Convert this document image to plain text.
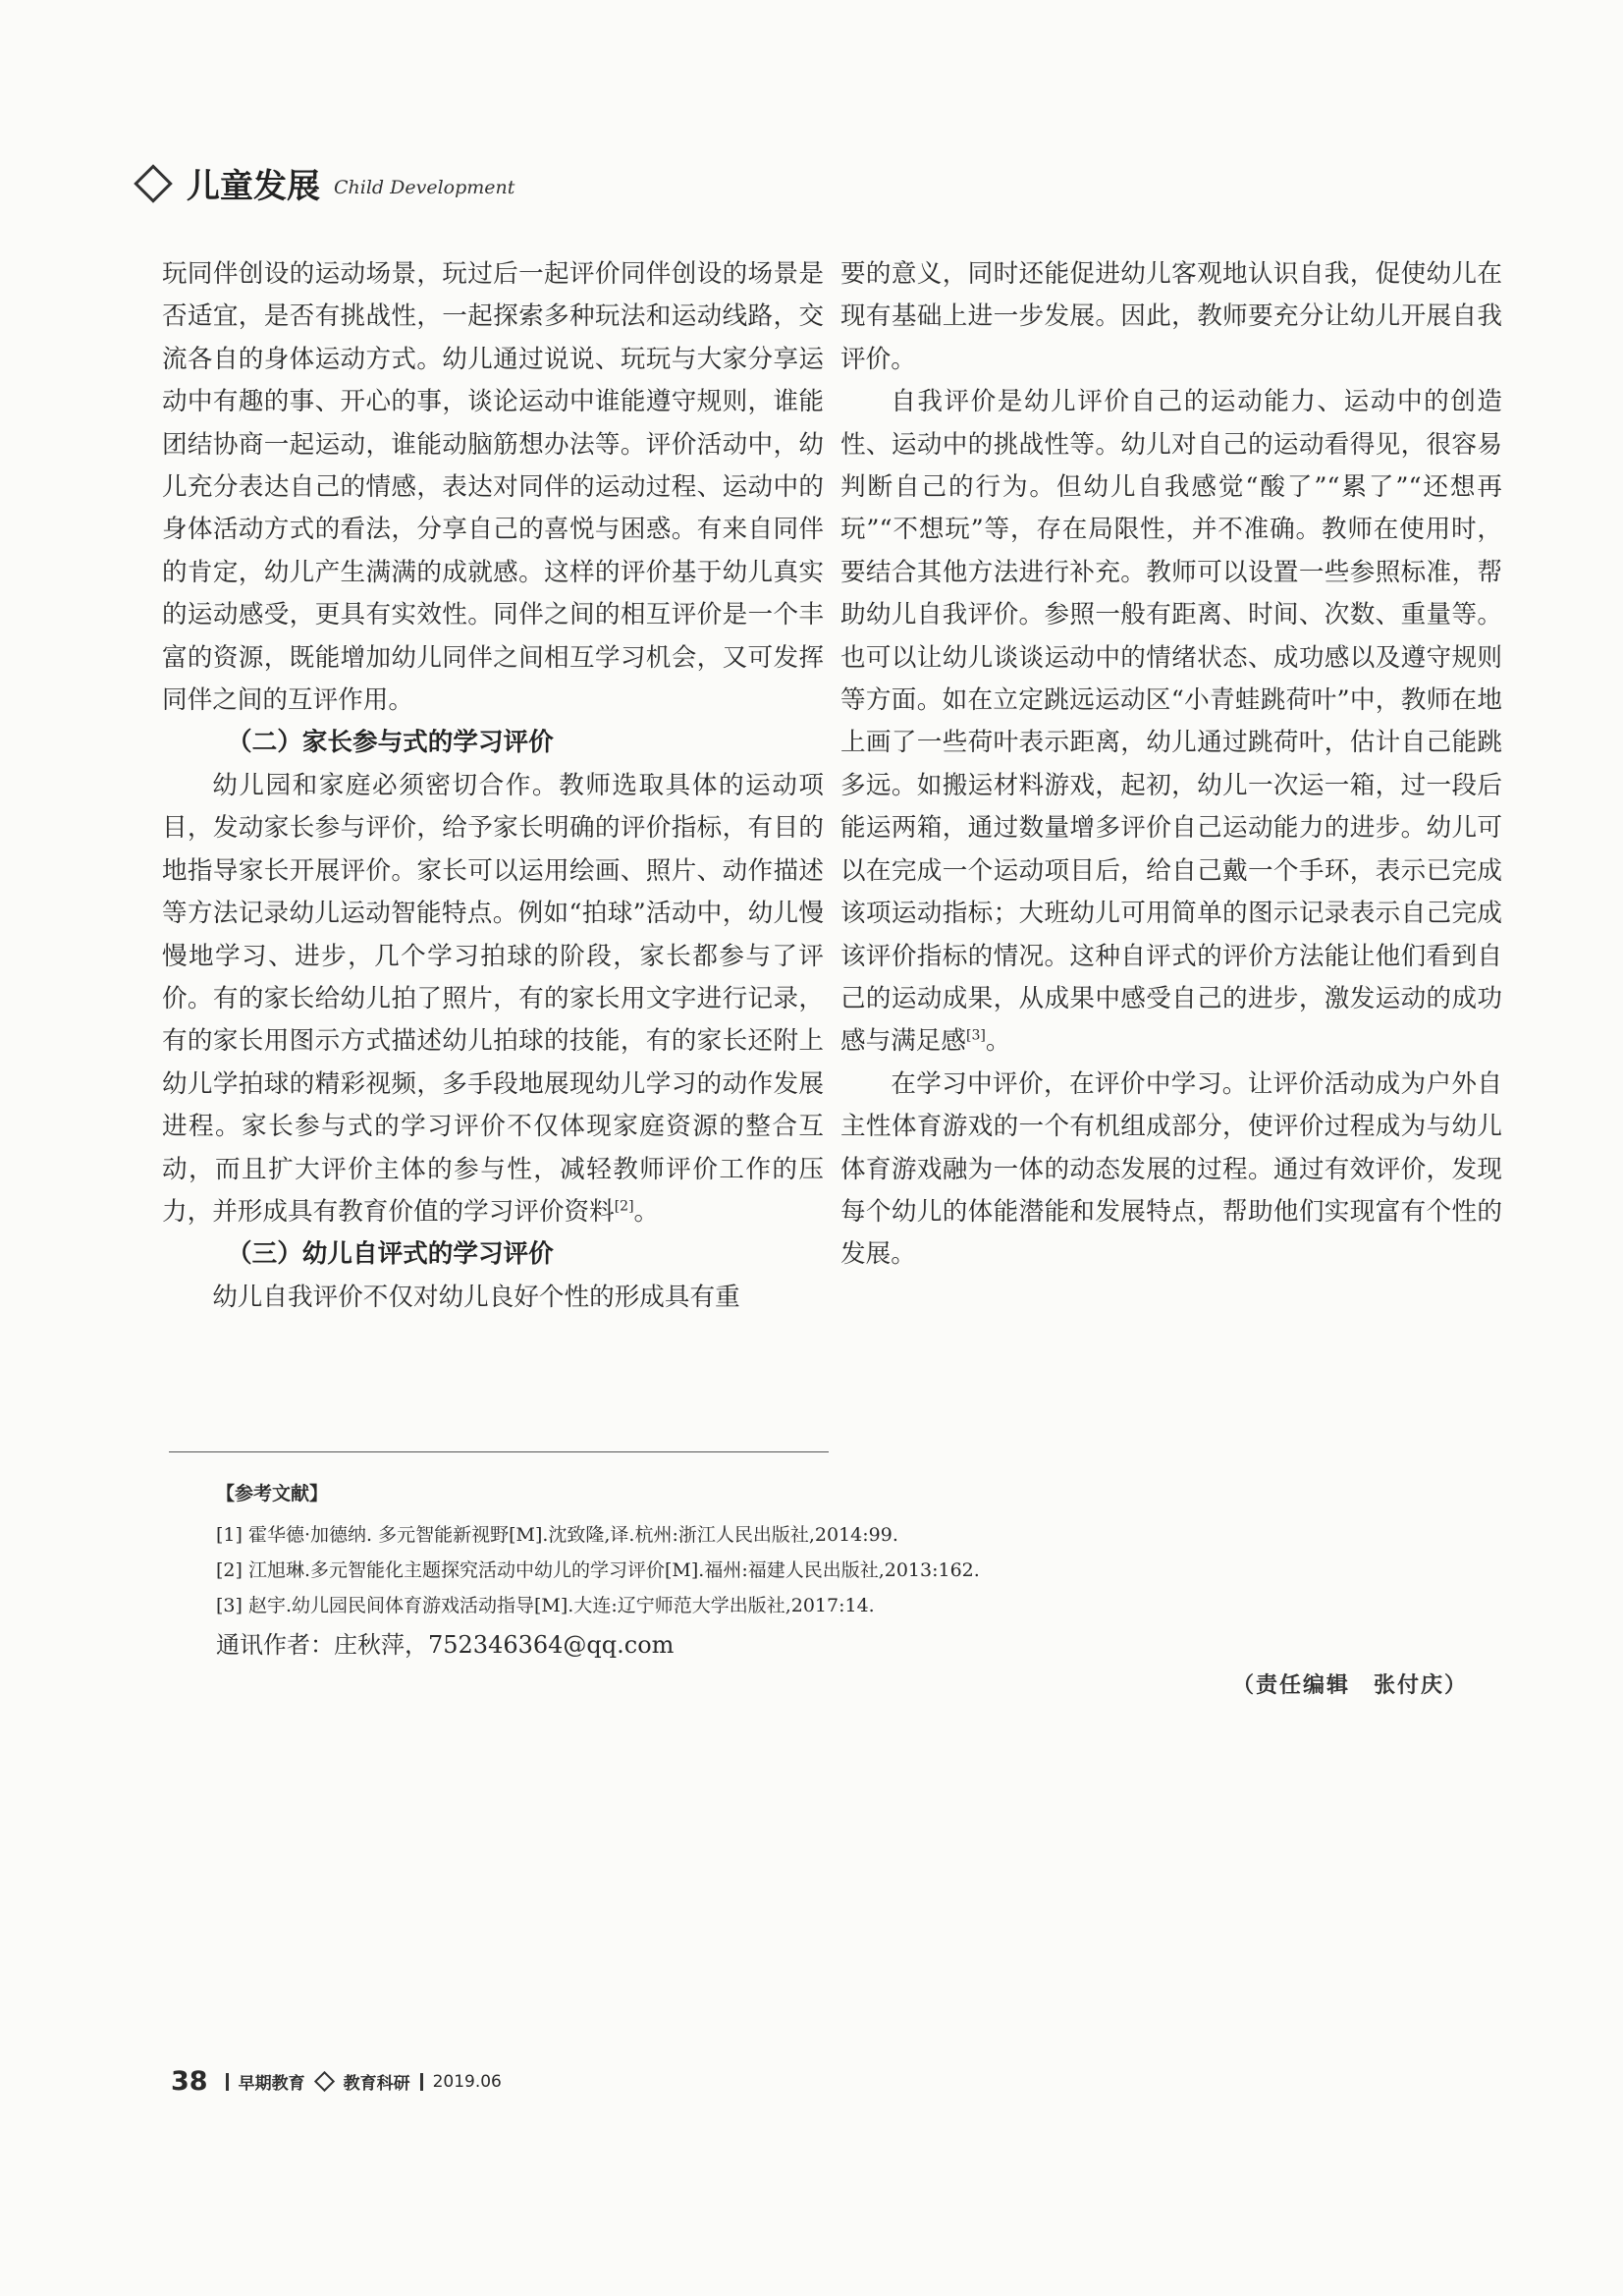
儿童发展 Child Development

玩同伴创设的运动场景，玩过后一起评价同伴创设的场景是否适宜，是否有挑战性，一起探索多种玩法和运动线路，交流各自的身体运动方式。幼儿通过说说、玩玩与大家分享运动中有趣的事、开心的事，谈论运动中谁能遵守规则，谁能团结协商一起运动，谁能动脑筋想办法等。评价活动中，幼儿充分表达自己的情感，表达对同伴的运动过程、运动中的身体活动方式的看法，分享自己的喜悦与困惑。有来自同伴的肯定，幼儿产生满满的成就感。这样的评价基于幼儿真实的运动感受，更具有实效性。同伴之间的相互评价是一个丰富的资源，既能增加幼儿同伴之间相互学习机会，又可发挥同伴之间的互评作用。

（二）家长参与式的学习评价

幼儿园和家庭必须密切合作。教师选取具体的运动项目，发动家长参与评价，给予家长明确的评价指标，有目的地指导家长开展评价。家长可以运用绘画、照片、动作描述等方法记录幼儿运动智能特点。例如“拍球”活动中，幼儿慢慢地学习、进步，几个学习拍球的阶段，家长都参与了评价。有的家长给幼儿拍了照片，有的家长用文字进行记录，有的家长用图示方式描述幼儿拍球的技能，有的家长还附上幼儿学拍球的精彩视频，多手段地展现幼儿学习的动作发展进程。家长参与式的学习评价不仅体现家庭资源的整合互动，而且扩大评价主体的参与性，减轻教师评价工作的压力，并形成具有教育价值的学习评价资料[2]。

（三）幼儿自评式的学习评价

幼儿自我评价不仅对幼儿良好个性的形成具有重

要的意义，同时还能促进幼儿客观地认识自我，促使幼儿在现有基础上进一步发展。因此，教师要充分让幼儿开展自我评价。

自我评价是幼儿评价自己的运动能力、运动中的创造性、运动中的挑战性等。幼儿对自己的运动看得见，很容易判断自己的行为。但幼儿自我感觉“酸了”“累了”“还想再玩”“不想玩”等，存在局限性，并不准确。教师在使用时，要结合其他方法进行补充。教师可以设置一些参照标准，帮助幼儿自我评价。参照一般有距离、时间、次数、重量等。也可以让幼儿谈谈运动中的情绪状态、成功感以及遵守规则等方面。如在立定跳远运动区“小青蛙跳荷叶”中，教师在地上画了一些荷叶表示距离，幼儿通过跳荷叶，估计自己能跳多远。如搬运材料游戏，起初，幼儿一次运一箱，过一段后能运两箱，通过数量增多评价自己运动能力的进步。幼儿可以在完成一个运动项目后，给自己戴一个手环，表示已完成该项运动指标；大班幼儿可用简单的图示记录表示自己完成该评价指标的情况。这种自评式的评价方法能让他们看到自己的运动成果，从成果中感受自己的进步，激发运动的成功感与满足感[3]。

在学习中评价，在评价中学习。让评价活动成为户外自主性体育游戏的一个有机组成部分，使评价过程成为与幼儿体育游戏融为一体的动态发展的过程。通过有效评价，发现每个幼儿的体能潜能和发展特点，帮助他们实现富有个性的发展。

【参考文献】
[1] 霍华德·加德纳. 多元智能新视野[M].沈致隆,译.杭州:浙江人民出版社,2014:99.
[2] 江旭琳.多元智能化主题探究活动中幼儿的学习评价[M].福州:福建人民出版社,2013:162.
[3] 赵宇.幼儿园民间体育游戏活动指导[M].大连:辽宁师范大学出版社,2017:14.
通讯作者：庄秋萍，752346364@qq.com
（责任编辑　张付庆）
38 早期教育 教育科研 2019.06
